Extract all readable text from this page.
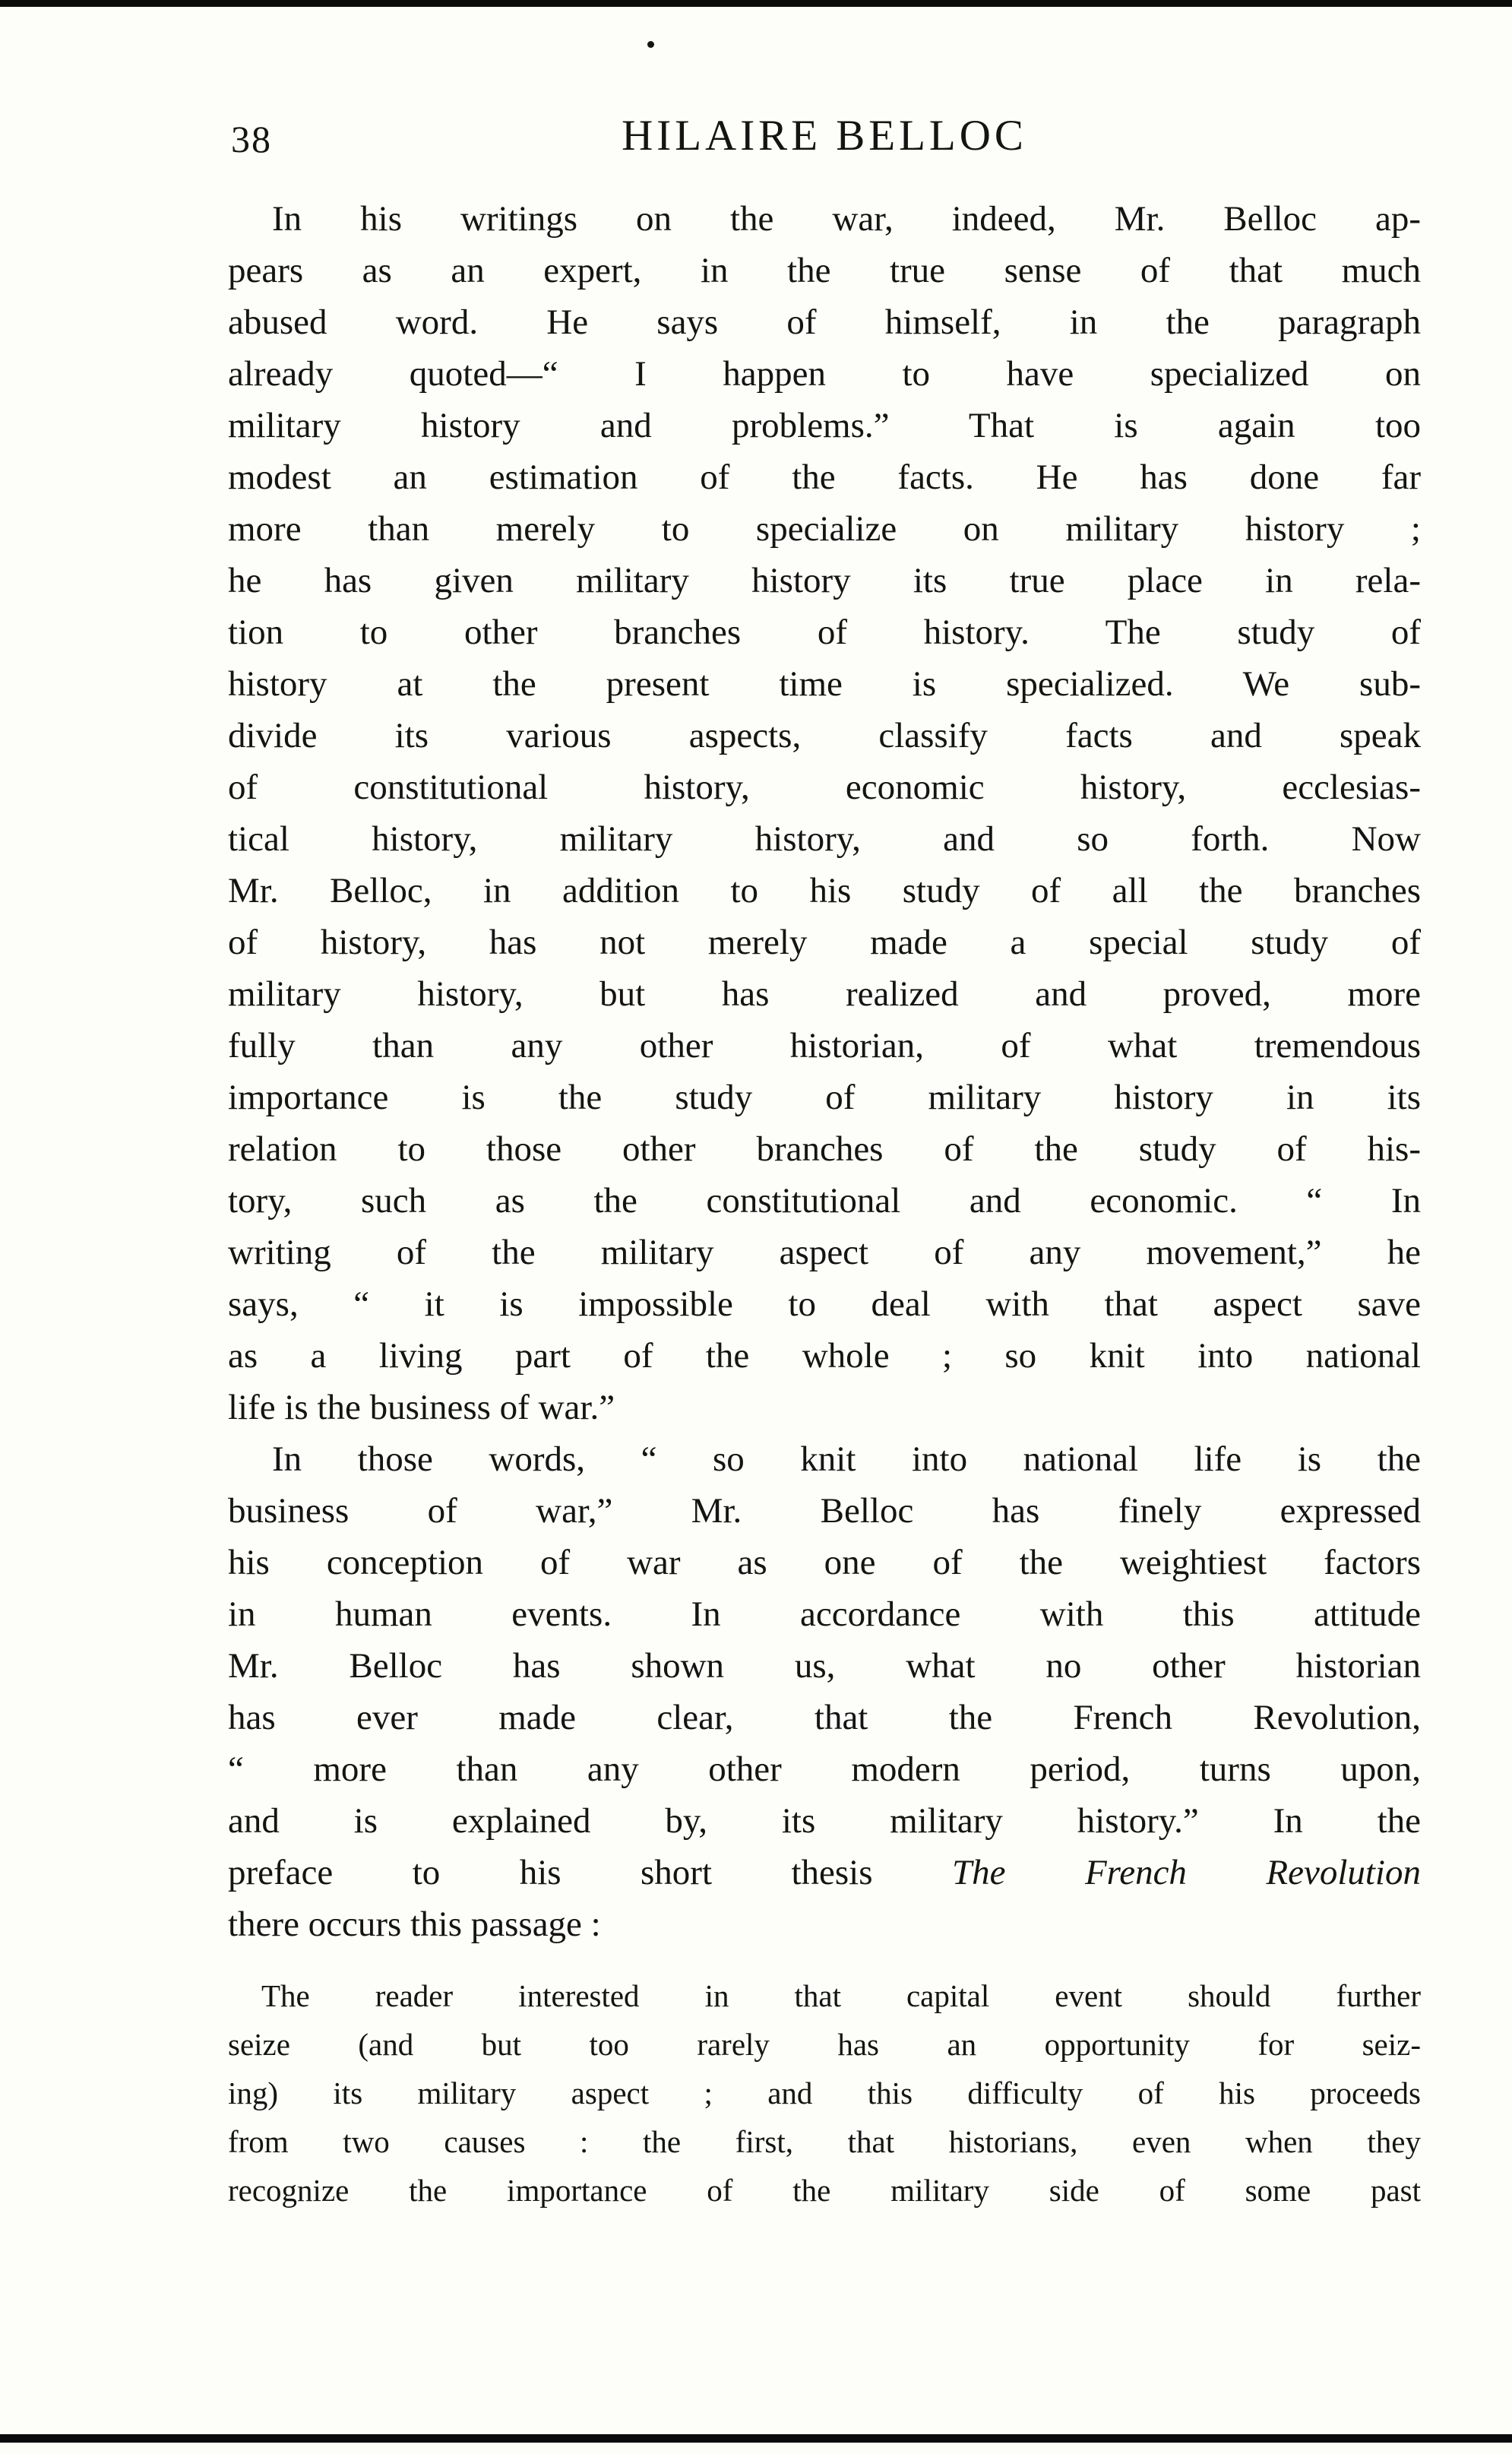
38	HILAIRE BELLOC
In his writings on the war, indeed, Mr. Belloc ap-
pears as an expert, in the true sense of that much
abused word. He says of himself, in the paragraph
already quoted—“ I happen to have specialized on
military history and problems.” That is again too
modest an estimation of the facts. He has done far
more than merely to specialize on military history ;
he has given military history its true place in rela-
tion to other branches of history. The study of
history at the present time is specialized. We sub-
divide its various aspects, classify facts and speak
of constitutional history, economic history, ecclesias-
tical history, military history, and so forth. Now
Mr. Belloc, in addition to his study of all the branches
of history, has not merely made a special study of
military history, but has realized and proved, more
fully than any other historian, of what tremendous
importance is the study of military history in its
relation to those other branches of the study of his-
tory, such as the constitutional and economic. “ In
writing of the military aspect of any movement,” he
says, “ it is impossible to deal with that aspect save
as a living part of the whole ; so knit into national
life is the business of war.”
In those words, “ so knit into national life is the
business of war,” Mr. Belloc has finely expressed
his conception of war as one of the weightiest factors
in human events. In accordance with this attitude
Mr. Belloc has shown us, what no other historian
has ever made clear, that the French Revolution,
“ more than any other modern period, turns upon,
and is explained by, its military history.” In the
preface to his short thesis The French Revolution
there occurs this passage :
The reader interested in that capital event should further
seize (and but too rarely has an opportunity for seiz-
ing) its military aspect ; and this difficulty of his proceeds
from two causes : the first, that historians, even when they
recognize the importance of the military side of some past
